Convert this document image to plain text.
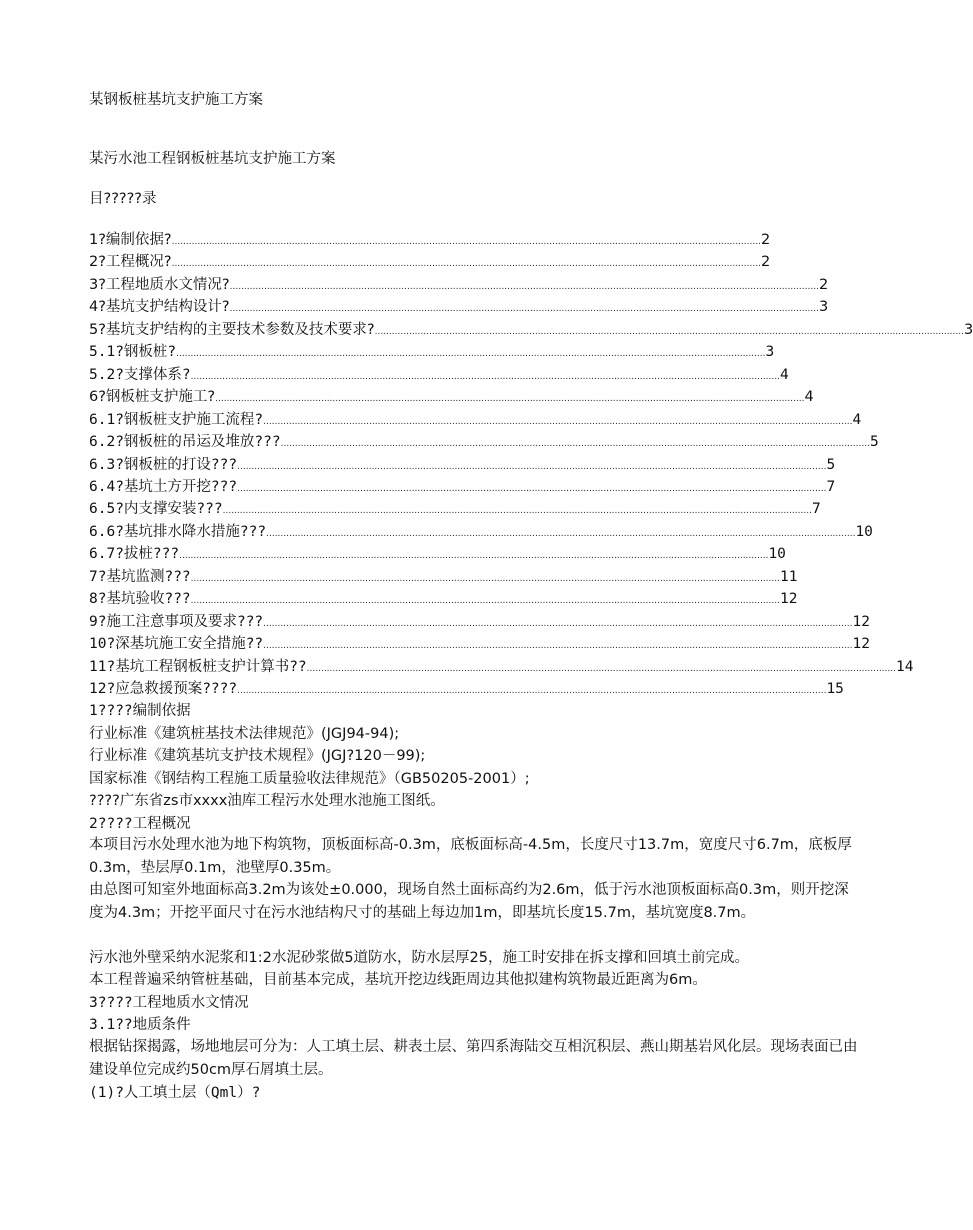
某钢板桩基坑支护施工方案
某污水池工程钢板桩基坑支护施工方案
目?????录
1?编制依据? .............................................................................................................................................................................................................. 2
2?工程概况? .............................................................................................................................................................................................................. 2
3?工程地质水文情况? .............................................................................................................................................................................................................. 2
4?基坑支护结构设计? .............................................................................................................................................................................................................. 3
5?基坑支护结构的主要技术参数及技术要求? .............................................................................................................................................................................................................. 3
5.1?钢板桩? .............................................................................................................................................................................................................. 3
5.2?支撑体系? .............................................................................................................................................................................................................. 4
6?钢板桩支护施工? .............................................................................................................................................................................................................. 4
6.1?钢板桩支护施工流程? .............................................................................................................................................................................................................. 4
6.2?钢板桩的吊运及堆放??? .............................................................................................................................................................................................................. 5
6.3?钢板桩的打设??? .............................................................................................................................................................................................................. 5
6.4?基坑土方开挖??? .............................................................................................................................................................................................................. 7
6.5?内支撑安装??? .............................................................................................................................................................................................................. 7
6.6?基坑排水降水措施??? .............................................................................................................................................................................................................. 10
6.7?拔桩??? .............................................................................................................................................................................................................. 10
7?基坑监测??? .............................................................................................................................................................................................................. 11
8?基坑验收??? .............................................................................................................................................................................................................. 12
9?施工注意事项及要求??? .............................................................................................................................................................................................................. 12
10?深基坑施工安全措施?? .............................................................................................................................................................................................................. 12
11?基坑工程钢板桩支护计算书?? .............................................................................................................................................................................................................. 14
12?应急救援预案???? .............................................................................................................................................................................................................. 15
1????编制依据
行业标准《建筑桩基技术法律规范》(JGJ94-94);
行业标准《建筑基坑支护技术规程》(JGJ?120－99);
国家标准《钢结构工程施工质量验收法律规范》（GB50205-2001）;
????广东省zs市xxxx油库工程污水处理水池施工图纸。
2????工程概况
本项目污水处理水池为地下构筑物，顶板面标高-0.3m，底板面标高-4.5m，长度尺寸13.7m，宽度尺寸6.7m，底板厚0.3m，垫层厚0.1m，池壁厚0.35m。
由总图可知室外地面标高3.2m为该处±0.000，现场自然土面标高约为2.6m，低于污水池顶板面标高0.3m，则开挖深度为4.3m；开挖平面尺寸在污水池结构尺寸的基础上每边加1m，即基坑长度15.7m，基坑宽度8.7m。
污水池外壁采纳水泥浆和1:2水泥砂浆做5道防水，防水层厚25，施工时安排在拆支撑和回填土前完成。
本工程普遍采纳管桩基础，目前基本完成，基坑开挖边线距周边其他拟建构筑物最近距离为6m。
3????工程地质水文情况
3.1??地质条件
根据钻探揭露，场地地层可分为：人工填土层、耕表土层、第四系海陆交互相沉积层、燕山期基岩风化层。现场表面已由建设单位完成约50cm厚石屑填土层。
(1)?人工填土层（Qml）?
